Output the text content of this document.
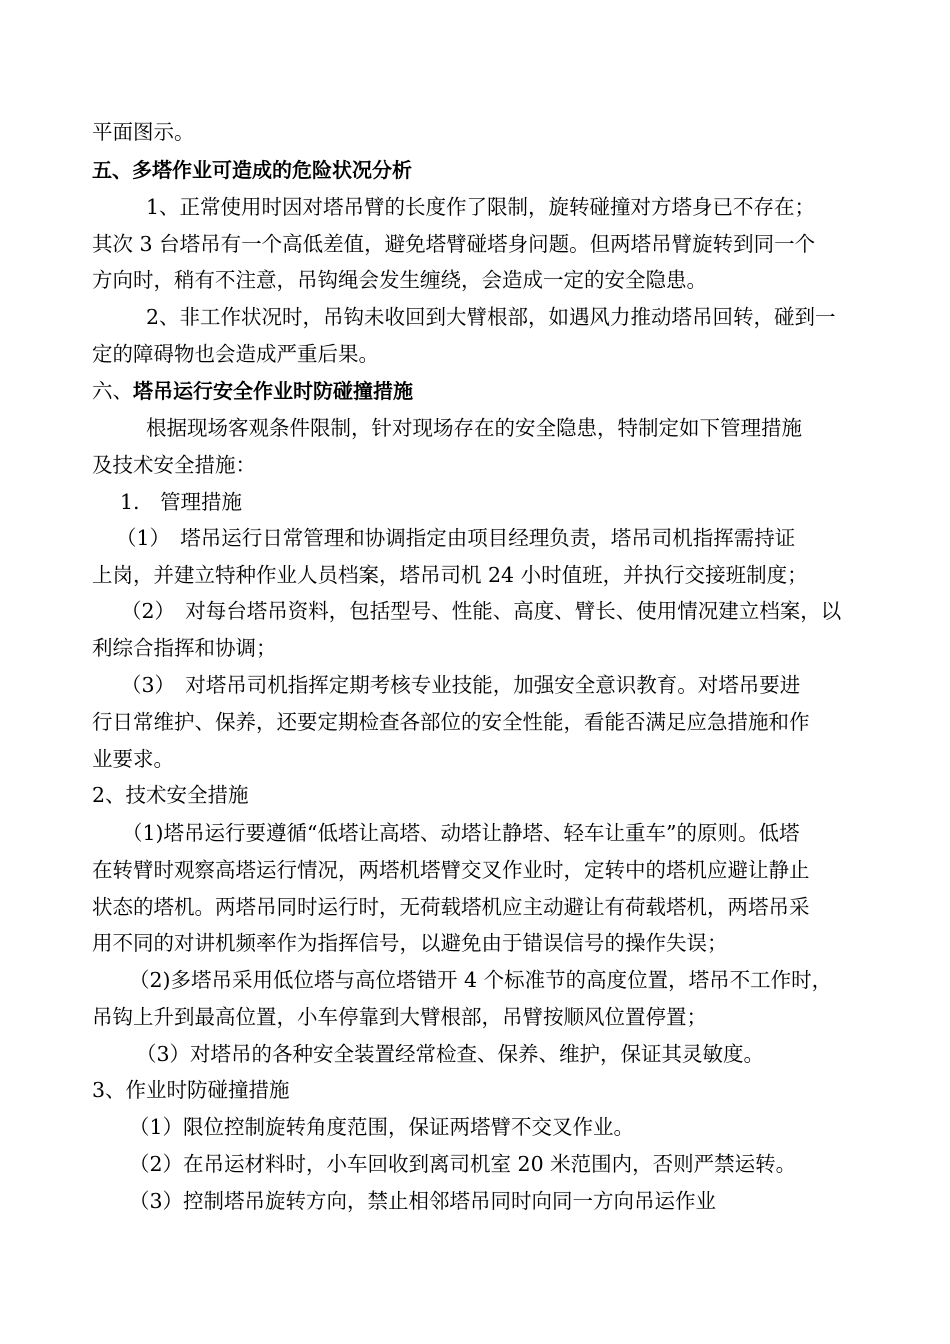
平面图示。

五、多塔作业可造成的危险状况分析

1、正常使用时因对塔吊臂的长度作了限制，旋转碰撞对方塔身已不存在；

其次 3 台塔吊有一个高低差值，避免塔臂碰塔身问题。但两塔吊臂旋转到同一个

方向时，稍有不注意，吊钩绳会发生缠绕，会造成一定的安全隐患。

2、非工作状况时，吊钩未收回到大臂根部，如遇风力推动塔吊回转，碰到一

定的障碍物也会造成严重后果。

六、塔吊运行安全作业时防碰撞措施

根据现场客观条件限制，针对现场存在的安全隐患，特制定如下管理措施

及技术安全措施：

1.　管理措施

（1）　塔吊运行日常管理和协调指定由项目经理负责，塔吊司机指挥需持证

上岗，并建立特种作业人员档案，塔吊司机 24 小时值班，并执行交接班制度；

（2）　对每台塔吊资料，包括型号、性能、高度、臂长、使用情况建立档案，以

利综合指挥和协调；

（3）　对塔吊司机指挥定期考核专业技能，加强安全意识教育。对塔吊要进

行日常维护、保养，还要定期检查各部位的安全性能，看能否满足应急措施和作

业要求。

2、技术安全措施

（1)塔吊运行要遵循“低塔让高塔、动塔让静塔、轻车让重车”的原则。低塔

在转臂时观察高塔运行情况，两塔机塔臂交叉作业时，定转中的塔机应避让静止

状态的塔机。两塔吊同时运行时，无荷载塔机应主动避让有荷载塔机，两塔吊采

用不同的对讲机频率作为指挥信号，以避免由于错误信号的操作失误；

（2)多塔吊采用低位塔与高位塔错开 4 个标准节的高度位置，塔吊不工作时，

吊钩上升到最高位置，小车停靠到大臂根部，吊臂按顺风位置停置；

（3）对塔吊的各种安全装置经常检查、保养、维护，保证其灵敏度。

3、作业时防碰撞措施

（1）限位控制旋转角度范围，保证两塔臂不交叉作业。

（2）在吊运材料时，小车回收到离司机室 20 米范围内，否则严禁运转。

（3）控制塔吊旋转方向，禁止相邻塔吊同时向同一方向吊运作业
